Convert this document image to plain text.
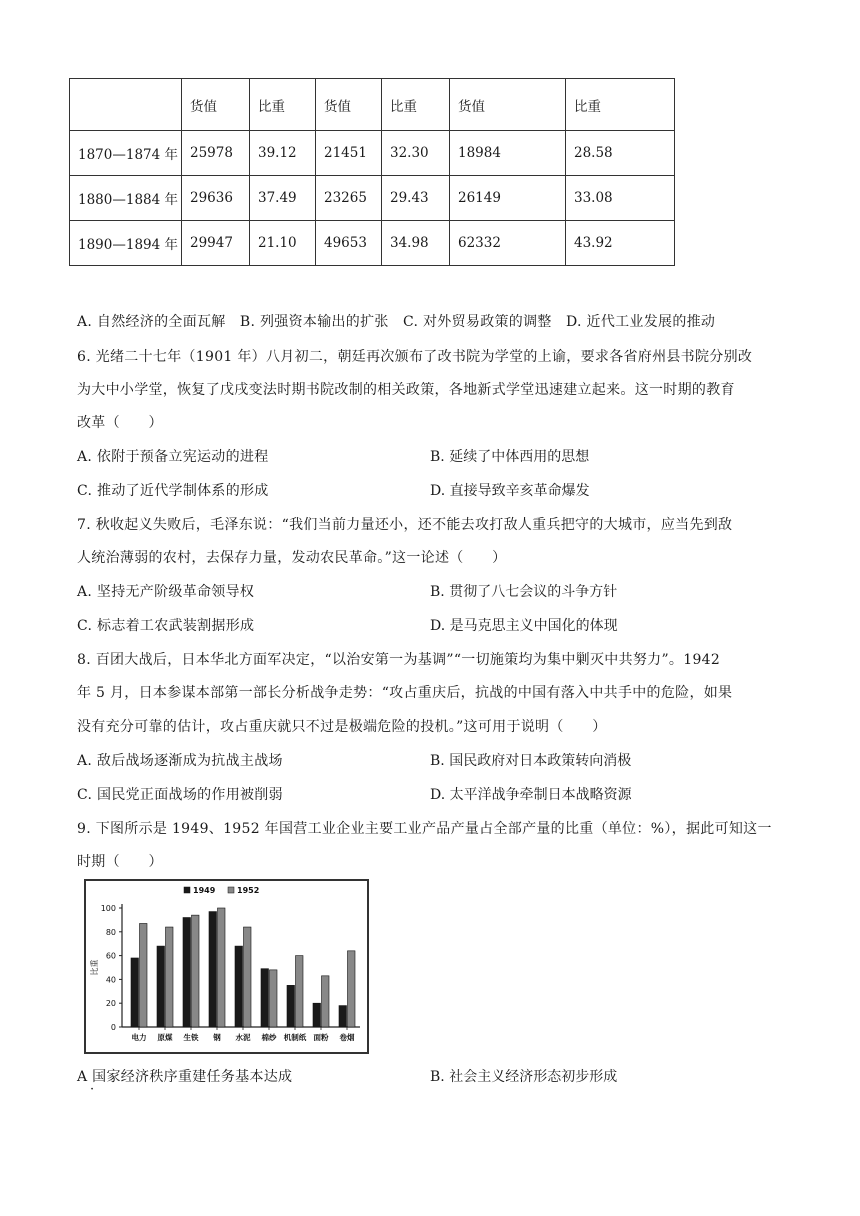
	货值	比重	货值	比重	货值	比重
1870—1874 年	25978	39.12	21451	32.30	18984	28.58
1880—1884 年	29636	37.49	23265	29.43	26149	33.08
1890—1894 年	29947	21.10	49653	34.98	62332	43.92
A. 自然经济的全面瓦解　B. 列强资本输出的扩张　C. 对外贸易政策的调整　D. 近代工业发展的推动
6. 光绪二十七年（1901 年）八月初二，朝廷再次颁布了改书院为学堂的上谕，要求各省府州县书院分别改
为大中小学堂，恢复了戊戌变法时期书院改制的相关政策，各地新式学堂迅速建立起来。这一时期的教育
改革（　　）
A. 依附于预备立宪运动的进程	B. 延续了中体西用的思想
C. 推动了近代学制体系的形成	D. 直接导致辛亥革命爆发
7. 秋收起义失败后，毛泽东说：“我们当前力量还小，还不能去攻打敌人重兵把守的大城市，应当先到敌
人统治薄弱的农村，去保存力量，发动农民革命。”这一论述（　　）
A. 坚持无产阶级革命领导权	B. 贯彻了八七会议的斗争方针
C. 标志着工农武装割据形成	D. 是马克思主义中国化的体现
8. 百团大战后，日本华北方面军决定，“以治安第一为基调”“一切施策均为集中剿灭中共努力”。1942
年 5 月，日本参谋本部第一部长分析战争走势：“攻占重庆后，抗战的中国有落入中共手中的危险，如果
没有充分可靠的估计，攻占重庆就只不过是极端危险的投机。”这可用于说明（　　）
A. 敌后战场逐渐成为抗战主战场	B. 国民政府对日本政策转向消极
C. 国民党正面战场的作用被削弱	D. 太平洋战争牵制日本战略资源
9. 下图所示是 1949、1952 年国营工业企业主要工业产品产量占全部产量的比重（单位：%），据此可知这一
时期（　　）
0
20
40
60
80
100
比重
1949	1952
电力 原煤 生铁 钢 水泥 棉纱 机制纸 面粉 卷烟
A 国家经济秩序重建任务基本达成	B. 社会主义经济形态初步形成
·
